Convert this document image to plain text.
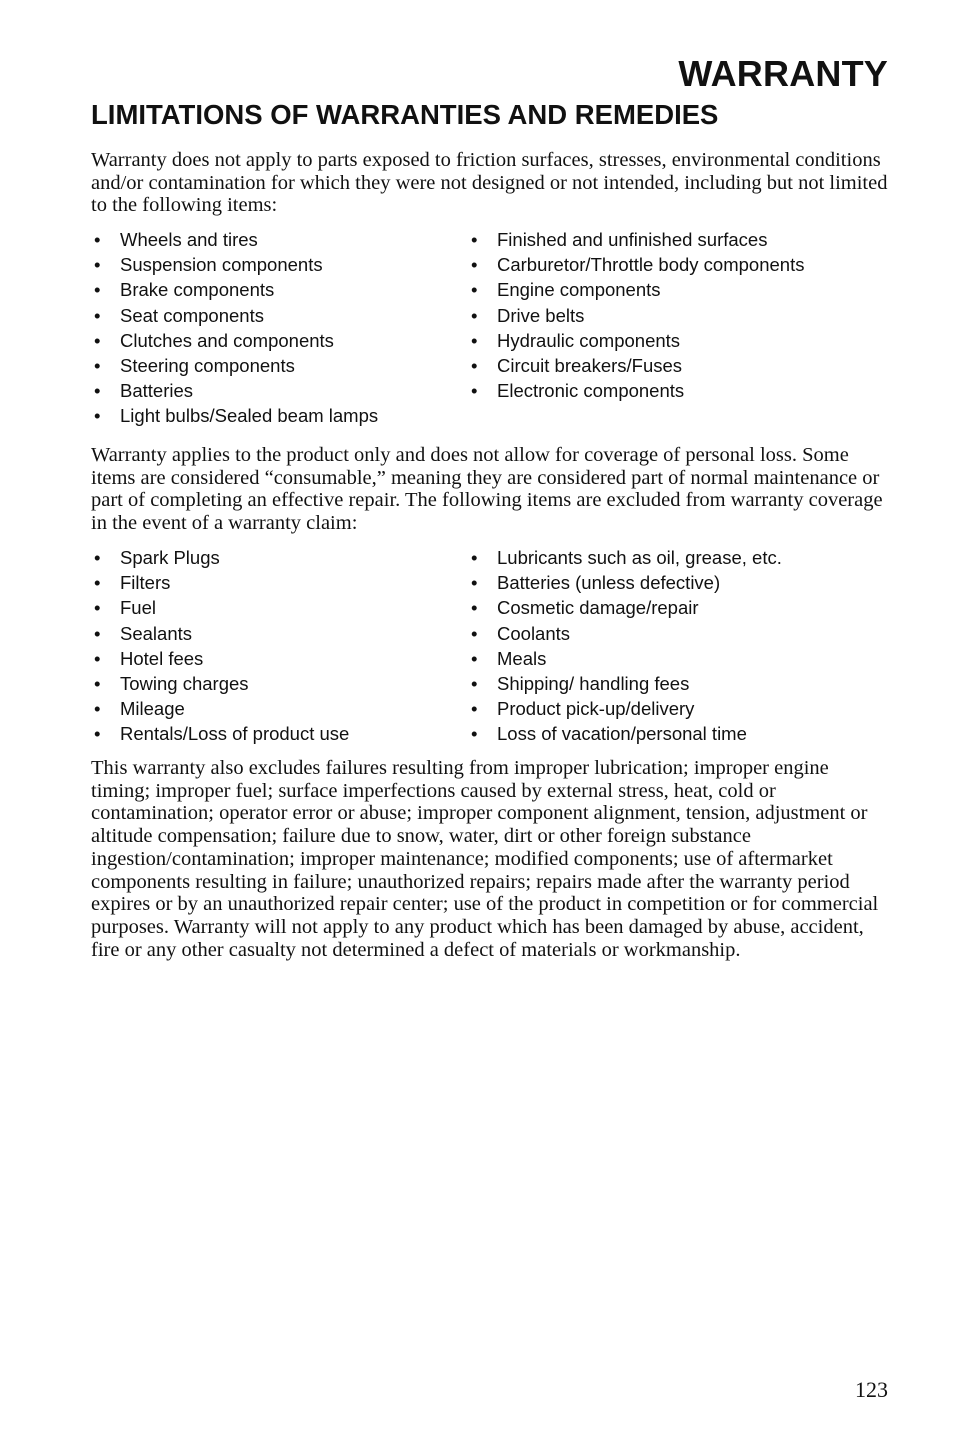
WARRANTY
LIMITATIONS OF WARRANTIES AND REMEDIES

Warranty does not apply to parts exposed to friction surfaces, stresses, environmental conditions and/or contamination for which they were not designed or not intended, including but not limited to the following items:

• Wheels and tires
• Suspension components
• Brake components
• Seat components
• Clutches and components
• Steering components
• Batteries
• Light bulbs/Sealed beam lamps
• Finished and unfinished surfaces
• Carburetor/Throttle body components
• Engine components
• Drive belts
• Hydraulic components
• Circuit breakers/Fuses
• Electronic components

Warranty applies to the product only and does not allow for coverage of personal loss. Some items are considered “consumable,” meaning they are considered part of normal maintenance or part of completing an effective repair. The following items are excluded from warranty coverage in the event of a warranty claim:

• Spark Plugs
• Filters
• Fuel
• Sealants
• Hotel fees
• Towing charges
• Mileage
• Rentals/Loss of product use
• Lubricants such as oil, grease, etc.
• Batteries (unless defective)
• Cosmetic damage/repair
• Coolants
• Meals
• Shipping/ handling fees
• Product pick-up/delivery
• Loss of vacation/personal time

This warranty also excludes failures resulting from improper lubrication; improper engine timing; improper fuel; surface imperfections caused by external stress, heat, cold or contamination; operator error or abuse; improper component alignment, tension, adjustment or altitude compensation; failure due to snow, water, dirt or other foreign substance ingestion/contamination; improper maintenance; modified components; use of aftermarket components resulting in failure; unauthorized repairs; repairs made after the warranty period expires or by an unauthorized repair center; use of the product in competition or for commercial purposes. Warranty will not apply to any product which has been damaged by abuse, accident, fire or any other casualty not determined a defect of materials or workmanship.

123
